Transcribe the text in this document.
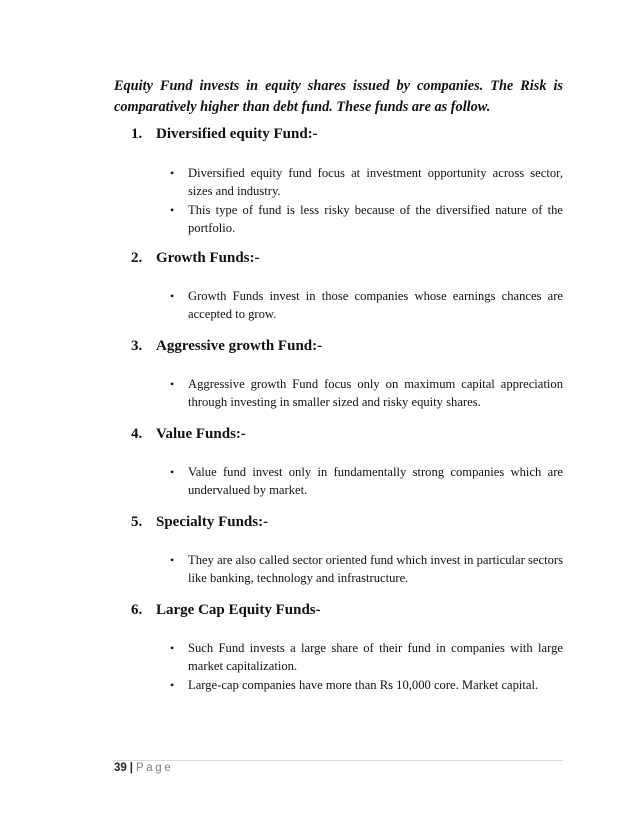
Equity Fund invests in equity shares issued by companies. The Risk is comparatively higher than debt fund. These funds are as follow.
1. Diversified equity Fund:-
• Diversified equity fund focus at investment opportunity across sector, sizes and industry.
• This type of fund is less risky because of the diversified nature of the portfolio.
2. Growth Funds:-
• Growth Funds invest in those companies whose earnings chances are accepted to grow.
3. Aggressive growth Fund:-
• Aggressive growth Fund focus only on maximum capital appreciation through investing in smaller sized and risky equity shares.
4. Value Funds:-
• Value fund invest only in fundamentally strong companies which are undervalued by market.
5. Specialty Funds:-
• They are also called sector oriented fund which invest in particular sectors like banking, technology and infrastructure.
6. Large Cap Equity Funds-
• Such Fund invests a large share of their fund in companies with large market capitalization.
• Large-cap companies have more than Rs 10,000 core. Market capital.
39 | Page
